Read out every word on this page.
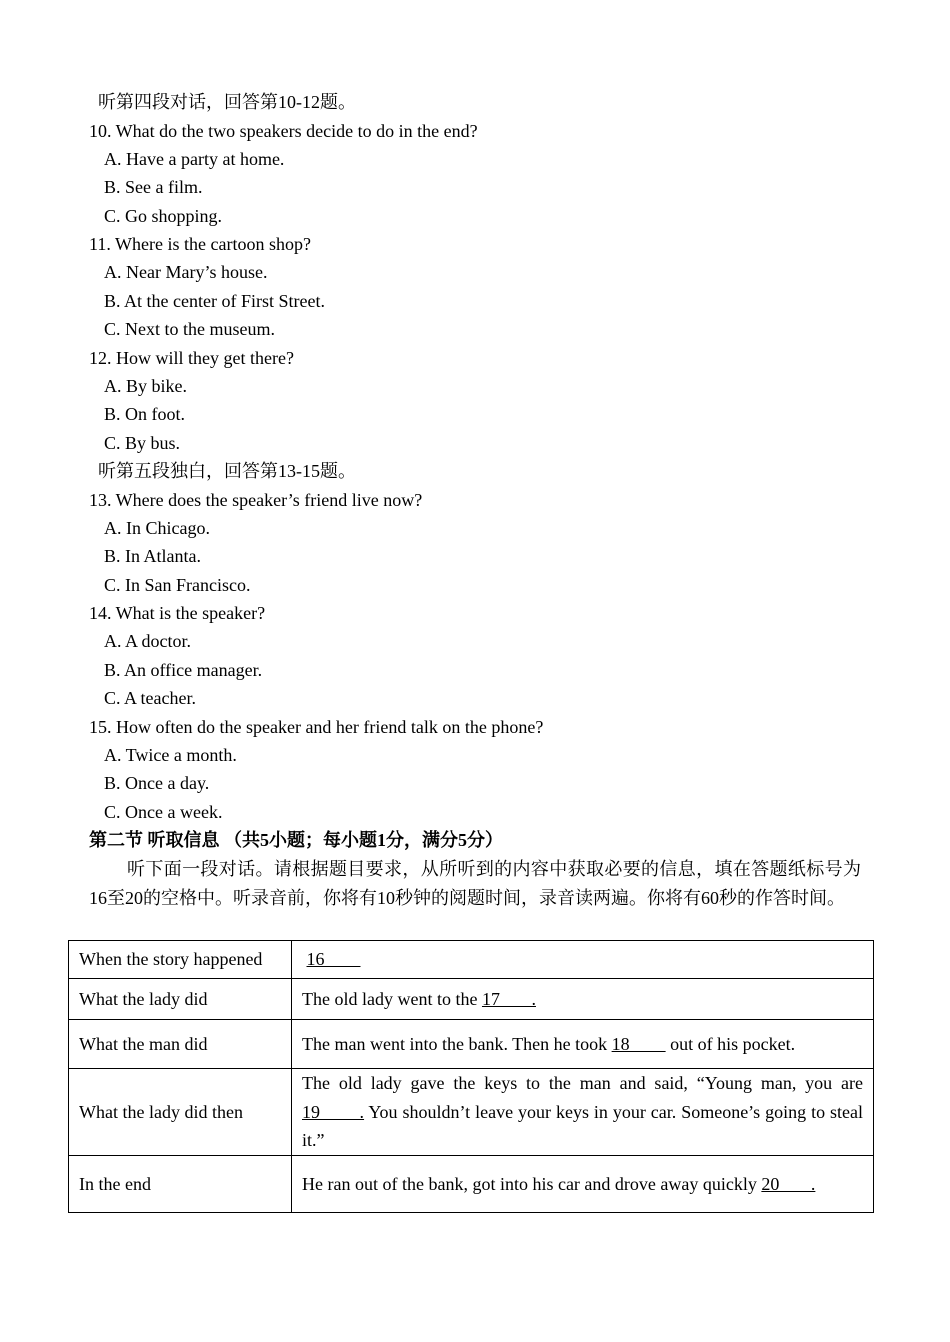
听第四段对话，回答第10-12题。
10. What do the two speakers decide to do in the end?
A. Have a party at home.
B. See a film.
C. Go shopping.
11. Where is the cartoon shop?
A. Near Mary’s house.
B. At the center of First Street.
C. Next to the museum.
12. How will they get there?
A. By bike.
B. On foot.
C. By bus.
听第五段独白，回答第13-15题。
13. Where does the speaker’s friend live now?
A. In Chicago.
B. In Atlanta.
C. In San Francisco.
14. What is the speaker?
A. A doctor.
B. An office manager.
C. A teacher.
15. How often do the speaker and her friend talk on the phone?
A. Twice a month.
B. Once a day.
C. Once a week.
第二节 听取信息 （共5小题；每小题1分，满分5分）
听下面一段对话。请根据题目要求，从所听到的内容中获取必要的信息，填在答题纸标号为16至20的空格中。听录音前，你将有10秒钟的阅题时间，录音读两遍。你将有60秒的作答时间。
When the story happened	16
What the lady did	The old lady went to the 17       .
What the man did	The man went into the bank. Then he took 18         out of his pocket.
What the lady did then	The old lady gave the keys to the man and said, “Young man, you are 19        . You shouldn’t leave your keys in your car. Someone’s going to steal it.”
In the end	He ran out of the bank, got into his car and drove away quickly 20       .
